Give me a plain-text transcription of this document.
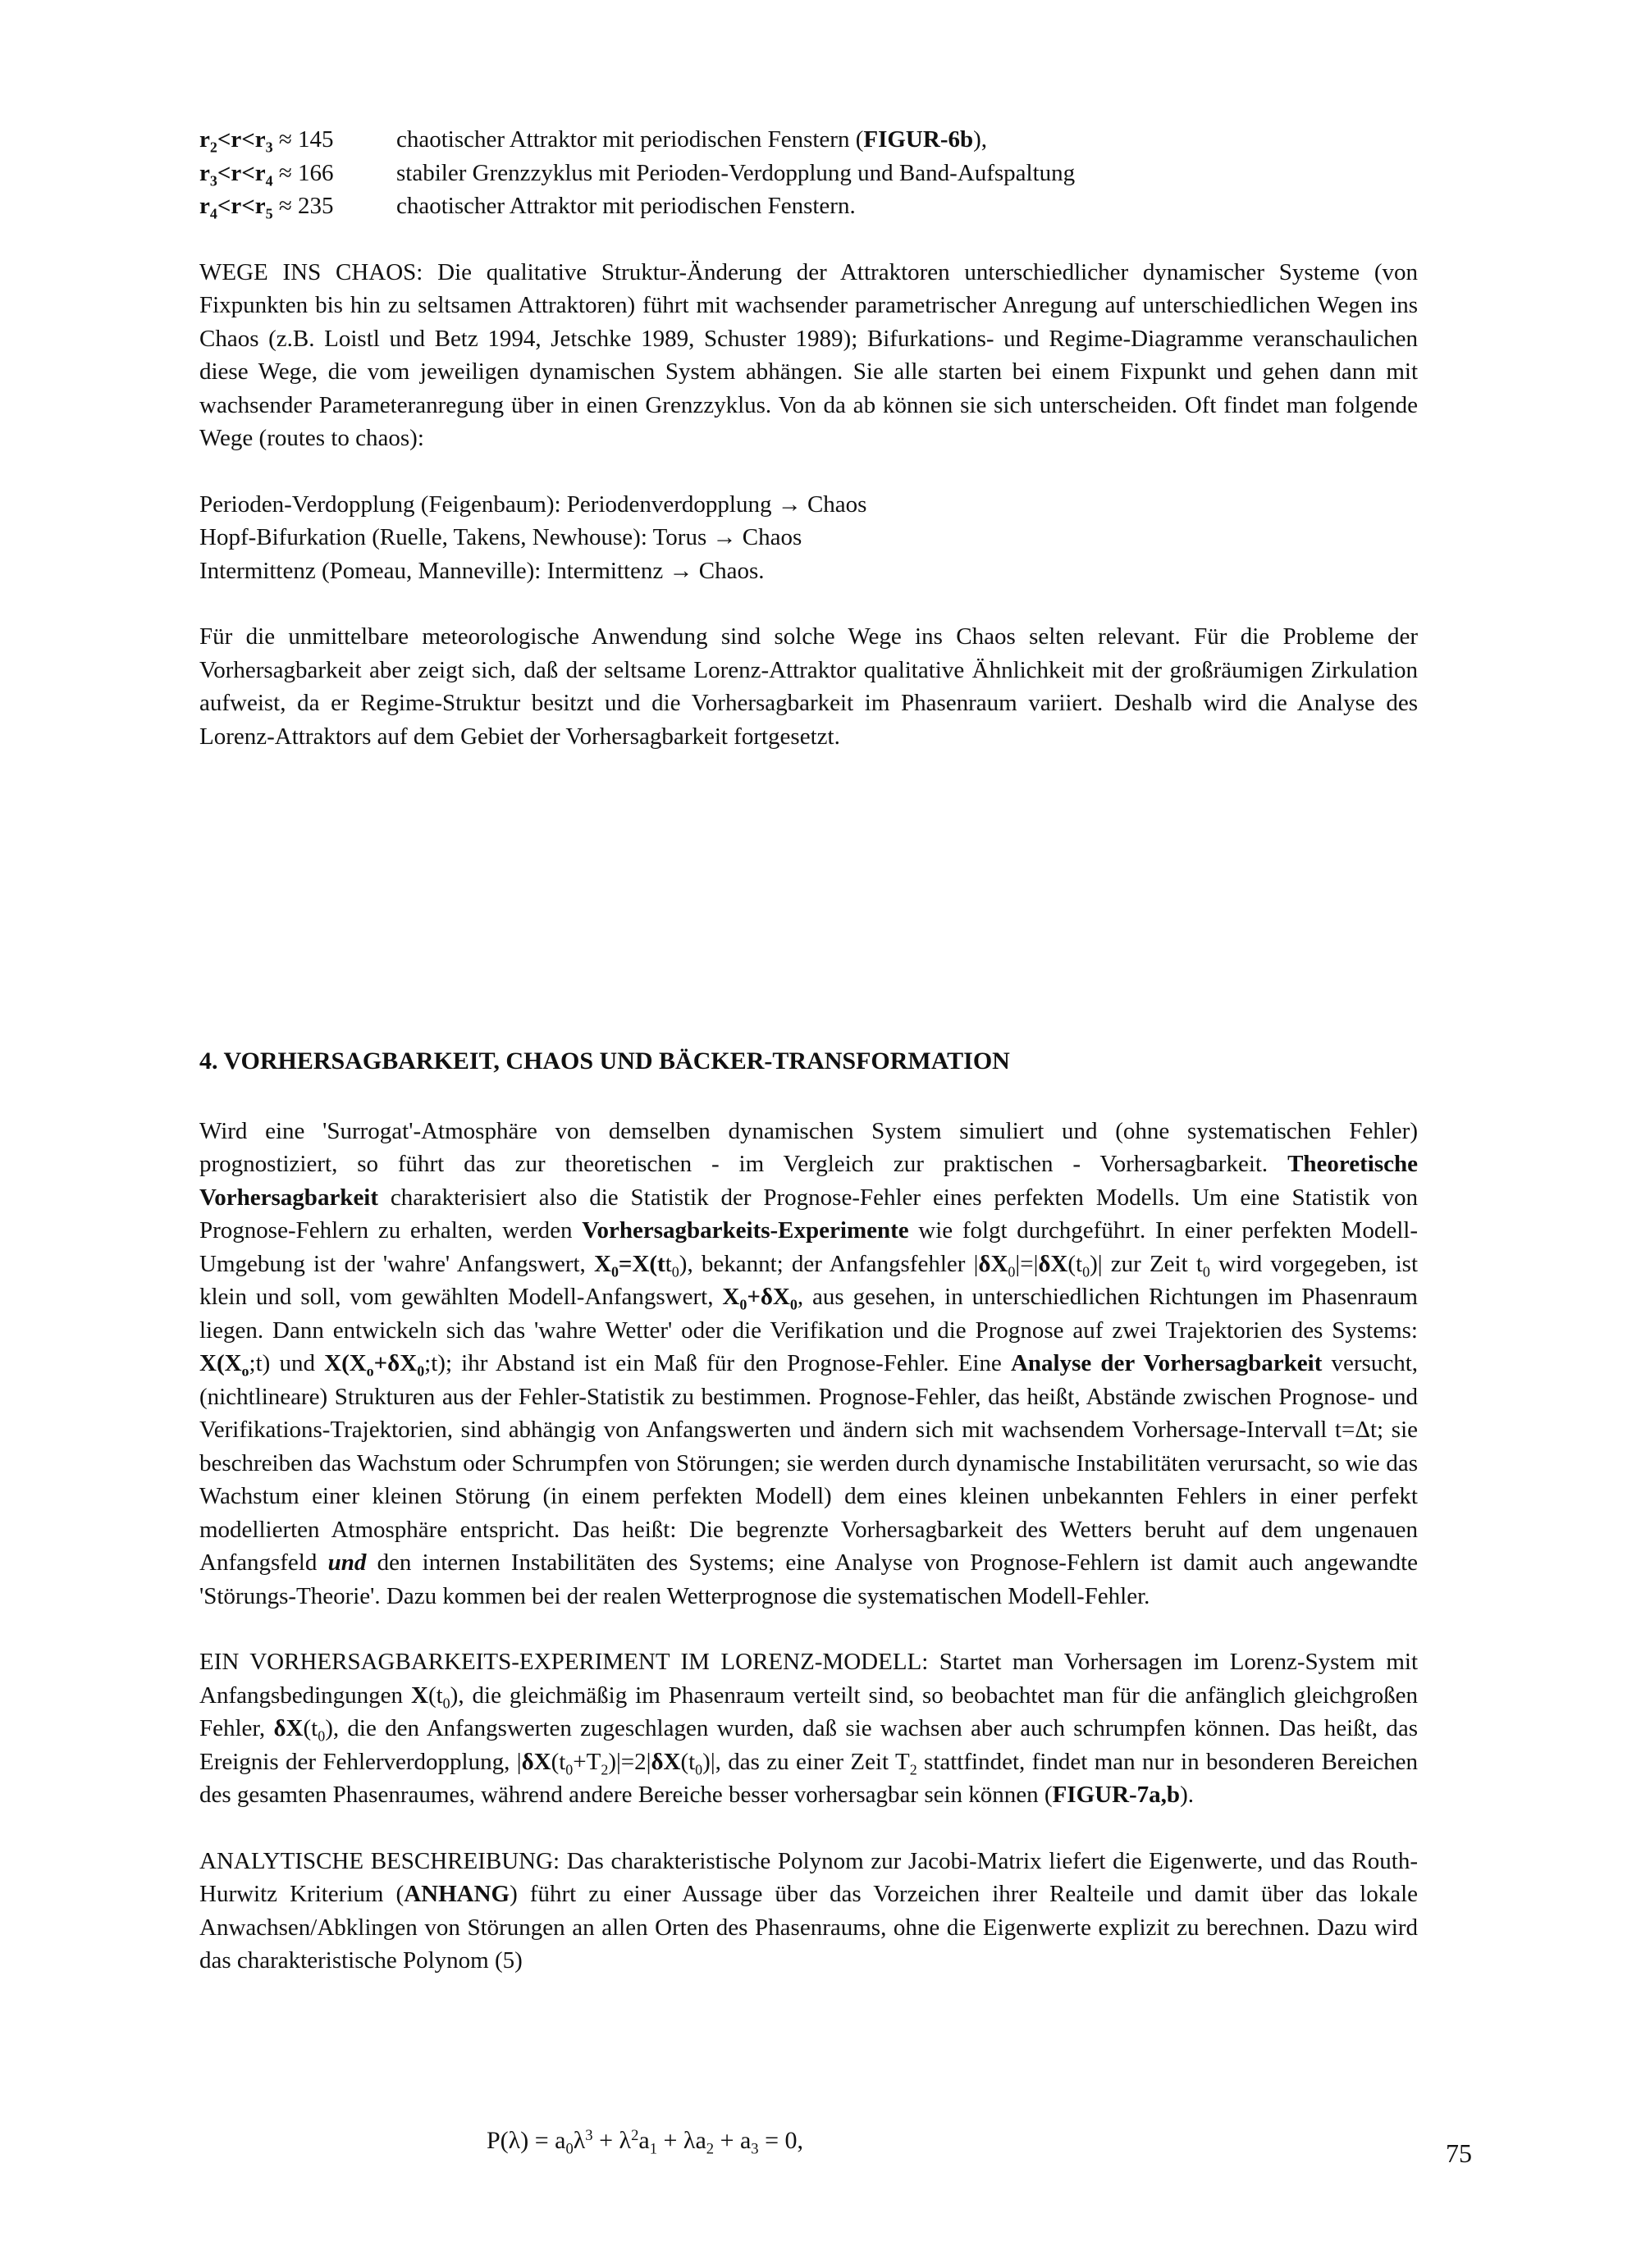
$r_2<r<r_3 \approx 145$	chaotischer Attraktor mit periodischen Fenstern (FIGUR-6b),
$r_3<r<r_4 \approx 166$	stabiler Grenzzyklus mit Perioden-Verdopplung und Band-Aufspaltung
$r_4<r<r_5 \approx 235$	chaotischer Attraktor mit periodischen Fenstern.

WEGE INS CHAOS: Die qualitative Struktur-Änderung der Attraktoren unterschiedlicher dynamischer Systeme (von Fixpunkten bis hin zu seltsamen Attraktoren) führt mit wachsender parametrischer Anregung auf unterschiedlichen Wegen ins Chaos (z.B. Loistl und Betz 1994, Jetschke 1989, Schuster 1989); Bifurkations- und Regime-Diagramme veranschaulichen diese Wege, die vom jeweiligen dynamischen System abhängen. Sie alle starten bei einem Fixpunkt und gehen dann mit wachsender Parameteranregung über in einen Grenzzyklus. Von da ab können sie sich unterscheiden. Oft findet man folgende Wege (routes to chaos):

Perioden-Verdopplung (Feigenbaum): Periodenverdopplung → Chaos

Hopf-Bifurkation (Ruelle, Takens, Newhouse): Torus → Chaos

Intermittenz (Pomeau, Manneville): Intermittenz → Chaos.

Für die unmittelbare meteorologische Anwendung sind solche Wege ins Chaos selten relevant. Für die Probleme der Vorhersagbarkeit aber zeigt sich, daß der seltsame Lorenz-Attraktor qualitative Ähnlichkeit mit der großräumigen Zirkulation aufweist, da er Regime-Struktur besitzt und die Vorhersagbarkeit im Phasenraum variiert. Deshalb wird die Analyse des Lorenz-Attraktors auf dem Gebiet der Vorhersagbarkeit fortgesetzt.

4. VORHERSAGBARKEIT, CHAOS UND BÄCKER-TRANSFORMATION

Wird eine 'Surrogat'-Atmosphäre von demselben dynamischen System simuliert und (ohne systematischen Fehler) prognostiziert, so führt das zur theoretischen - im Vergleich zur praktischen - Vorhersagbarkeit. Theoretische Vorhersagbarkeit charakterisiert also die Statistik der Prognose-Fehler eines perfekten Modells. Um eine Statistik von Prognose-Fehlern zu erhalten, werden Vorhersagbarkeits-Experimente wie folgt durchgeführt. In einer perfekten Modell-Umgebung ist der 'wahre' Anfangswert, $X_0=X(tt_0)$, bekannt; der Anfangsfehler $|\delta X_0|=|\delta X(t_0)|$ zur Zeit $t_0$ wird vorgegeben, ist klein und soll, vom gewählten Modell-Anfangswert, $X_0+\delta X_0$, aus gesehen, in unterschiedlichen Richtungen im Phasenraum liegen. Dann entwickeln sich das 'wahre Wetter' oder die Verifikation und die Prognose auf zwei Trajektorien des Systems: $X(X_o;t)$ und $X(X_o+\delta X_0;t)$; ihr Abstand ist ein Maß für den Prognose-Fehler. Eine Analyse der Vorhersagbarkeit versucht, (nichtlineare) Strukturen aus der Fehler-Statistik zu bestimmen. Prognose-Fehler, das heißt, Abstände zwischen Prognose- und Verifikations-Trajektorien, sind abhängig von Anfangswerten und ändern sich mit wachsendem Vorhersage-Intervall t=Δt; sie beschreiben das Wachstum oder Schrumpfen von Störungen; sie werden durch dynamische Instabilitäten verursacht, so wie das Wachstum einer kleinen Störung (in einem perfekten Modell) dem eines kleinen unbekannten Fehlers in einer perfekt modellierten Atmosphäre entspricht. Das heißt: Die begrenzte Vorhersagbarkeit des Wetters beruht auf dem ungenauen Anfangsfeld und den internen Instabilitäten des Systems; eine Analyse von Prognose-Fehlern ist damit auch angewandte 'Störungs-Theorie'. Dazu kommen bei der realen Wetterprognose die systematischen Modell-Fehler.

EIN VORHERSAGBARKEITS-EXPERIMENT IM LORENZ-MODELL: Startet man Vorhersagen im Lorenz-System mit Anfangsbedingungen $X(t_0)$, die gleichmäßig im Phasenraum verteilt sind, so beobachtet man für die anfänglich gleichgroßen Fehler, $\delta X(t_0)$, die den Anfangswerten zugeschlagen wurden, daß sie wachsen aber auch schrumpfen können. Das heißt, das Ereignis der Fehlerverdopplung, $|\delta X(t_0+T_2)|=2|\delta X(t_0)|$, das zu einer Zeit $T_2$ stattfindet, findet man nur in besonderen Bereichen des gesamten Phasenraumes, während andere Bereiche besser vorhersagbar sein können (FIGUR-7a,b).

ANALYTISCHE BESCHREIBUNG: Das charakteristische Polynom zur Jacobi-Matrix liefert die Eigenwerte, und das Routh-Hurwitz Kriterium (ANHANG) führt zu einer Aussage über das Vorzeichen ihrer Realteile und damit über das lokale Anwachsen/Abklingen von Störungen an allen Orten des Phasenraums, ohne die Eigenwerte explizit zu berechnen. Dazu wird das charakteristische Polynom (5)

$P(\lambda) = a_0\lambda^3 + \lambda^2a_1 + \lambda a_2 + a_3 = 0$,	75
